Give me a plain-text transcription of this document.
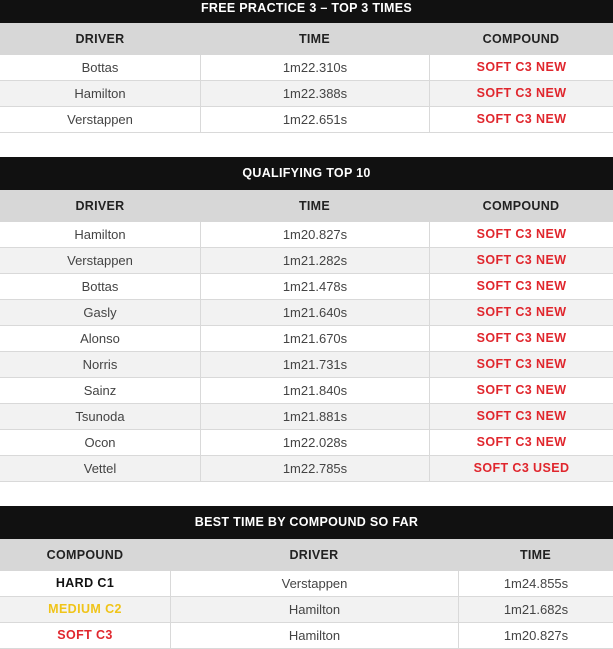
FREE PRACTICE 3 – TOP 3 TIMES
DRIVER	TIME	COMPOUND
Bottas	1m22.310s	SOFT C3 NEW
Hamilton	1m22.388s	SOFT C3 NEW
Verstappen	1m22.651s	SOFT C3 NEW
QUALIFYING TOP 10
DRIVER	TIME	COMPOUND
Hamilton	1m20.827s	SOFT C3 NEW
Verstappen	1m21.282s	SOFT C3 NEW
Bottas	1m21.478s	SOFT C3 NEW
Gasly	1m21.640s	SOFT C3 NEW
Alonso	1m21.670s	SOFT C3 NEW
Norris	1m21.731s	SOFT C3 NEW
Sainz	1m21.840s	SOFT C3 NEW
Tsunoda	1m21.881s	SOFT C3 NEW
Ocon	1m22.028s	SOFT C3 NEW
Vettel	1m22.785s	SOFT C3 USED
BEST TIME BY COMPOUND SO FAR
COMPOUND	DRIVER	TIME
HARD C1	Verstappen	1m24.855s
MEDIUM C2	Hamilton	1m21.682s
SOFT C3	Hamilton	1m20.827s
